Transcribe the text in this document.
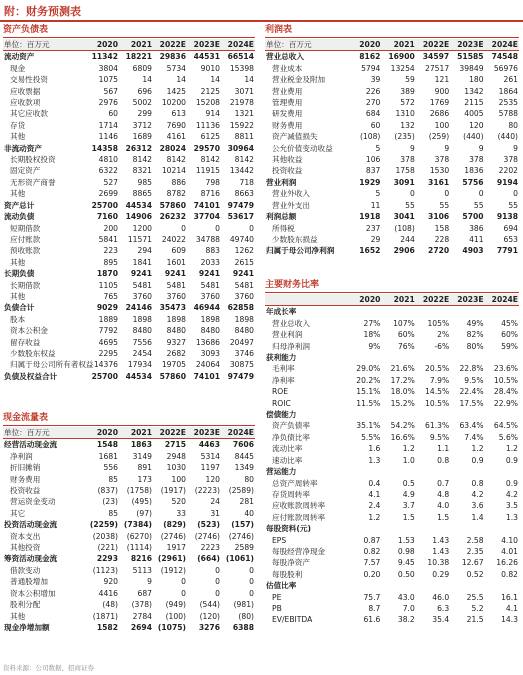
附：财务预测表
资产负债表
单位：百万元	2020	2021	2022E	2023E	2024E
流动资产	11342	18221	29836	44531	66514
现金	3804	6809	5734	9010	15398
交易性投资	1075	14	14	14	14
应收票据	567	696	1425	2125	3071
应收款项	2976	5002	10200	15208	21978
其它应收款	60	299	613	914	1321
存货	1714	3712	7690	11136	15922
其他	1146	1689	4161	6125	8811
非流动资产	14358	26312	28024	29570	30964
长期股权投资	4810	8142	8142	8142	8142
固定资产	6322	8321	10214	11915	13442
无形资产商誉	527	985	886	798	718
其他	2699	8865	8782	8716	8663
资产总计	25700	44534	57860	74101	97479
流动负债	7160	14906	26232	37704	53617
短期借款	200	1200	0	0	0
应付账款	5841	11571	24022	34788	49740
预收账款	223	294	609	883	1262
其他	895	1841	1601	2033	2615
长期负债	1870	9241	9241	9241	9241
长期借款	1105	5481	5481	5481	5481
其他	765	3760	3760	3760	3760
负债合计	9029	24146	35473	46944	62858
股本	1889	1898	1898	1898	1898
资本公积金	7792	8480	8480	8480	8480
留存收益	4695	7556	9327	13686	20497
少数股东权益	2295	2454	2682	3093	3746
归属于母公司所有者权益	14376	17934	19705	24064	30875
负债及权益合计	25700	44534	57860	74101	97479
现金流量表
单位：百万元	2020	2021	2022E	2023E	2024E
经营活动现金流	1548	1863	2715	4463	7606
净利润	1681	3149	2948	5314	8445
折旧摊销	556	891	1030	1197	1349
财务费用	85	173	100	120	80
投资收益	(837)	(1758)	(1917)	(2223)	(2589)
营运资金变动	(23)	(495)	520	24	281
其它	85	(97)	33	31	40
投资活动现金流	(2259)	(7384)	(829)	(523)	(157)
资本支出	(2038)	(6270)	(2746)	(2746)	(2746)
其他投资	(221)	(1114)	1917	2223	2589
筹资活动现金流	2293	8216	(2961)	(664)	(1061)
借款变动	(1123)	5113	(1912)	0	0
普通股增加	920	9	0	0	0
资本公积增加	4416	687	0	0	0
股利分配	(48)	(378)	(949)	(544)	(981)
其他	(1871)	2784	(100)	(120)	(80)
现金净增加额	1582	2694	(1075)	3276	6388
利润表
单位：百万元	2020	2021	2022E	2023E	2024E
营业总收入	8162	16900	34597	51585	74548
营业成本	5794	13254	27517	39849	56976
营业税金及附加	39	59	121	180	261
营业费用	226	389	900	1342	1864
管理费用	270	572	1769	2115	2535
研发费用	684	1310	2686	4005	5788
财务费用	60	132	100	120	80
资产减值损失	(108)	(235)	(259)	(440)	(440)
公允价值变动收益	5	9	9	9	9
其他收益	106	378	378	378	378
投资收益	837	1758	1530	1836	2202
营业利润	1929	3091	3161	5756	9194
营业外收入	5	0	0	0	0
营业外支出	11	55	55	55	55
利润总额	1918	3041	3106	5700	9138
所得税	237	(108)	158	386	694
少数股东损益	29	244	228	411	653
归属于母公司净利润	1652	2906	2720	4903	7791
主要财务比率
	2020	2021	2022E	2023E	2024E
年成长率					
营业总收入	27%	107%	105%	49%	45%
营业利润	18%	60%	2%	82%	60%
归母净利润	9%	76%	-6%	80%	59%
获利能力					
毛利率	29.0%	21.6%	20.5%	22.8%	23.6%
净利率	20.2%	17.2%	7.9%	9.5%	10.5%
ROE	15.1%	18.0%	14.5%	22.4%	28.4%
ROIC	11.5%	15.2%	10.5%	17.5%	22.9%
偿债能力					
资产负债率	35.1%	54.2%	61.3%	63.4%	64.5%
净负债比率	5.5%	16.6%	9.5%	7.4%	5.6%
流动比率	1.6	1.2	1.1	1.2	1.2
速动比率	1.3	1.0	0.8	0.9	0.9
营运能力					
总资产周转率	0.4	0.5	0.7	0.8	0.9
存货周转率	4.1	4.9	4.8	4.2	4.2
应收账款周转率	2.4	3.7	4.0	3.6	3.5
应付账款周转率	1.2	1.5	1.5	1.4	1.3
每股资料(元)					
EPS	0.87	1.53	1.43	2.58	4.10
每股经营净现金	0.82	0.98	1.43	2.35	4.01
每股净资产	7.57	9.45	10.38	12.67	16.26
每股股利	0.20	0.50	0.29	0.52	0.82
估值比率					
PE	75.7	43.0	46.0	25.5	16.1
PB	8.7	7.0	6.3	5.2	4.1
EV/EBITDA	61.6	38.2	35.4	21.5	14.3
资料来源：公司数据、招商证券
